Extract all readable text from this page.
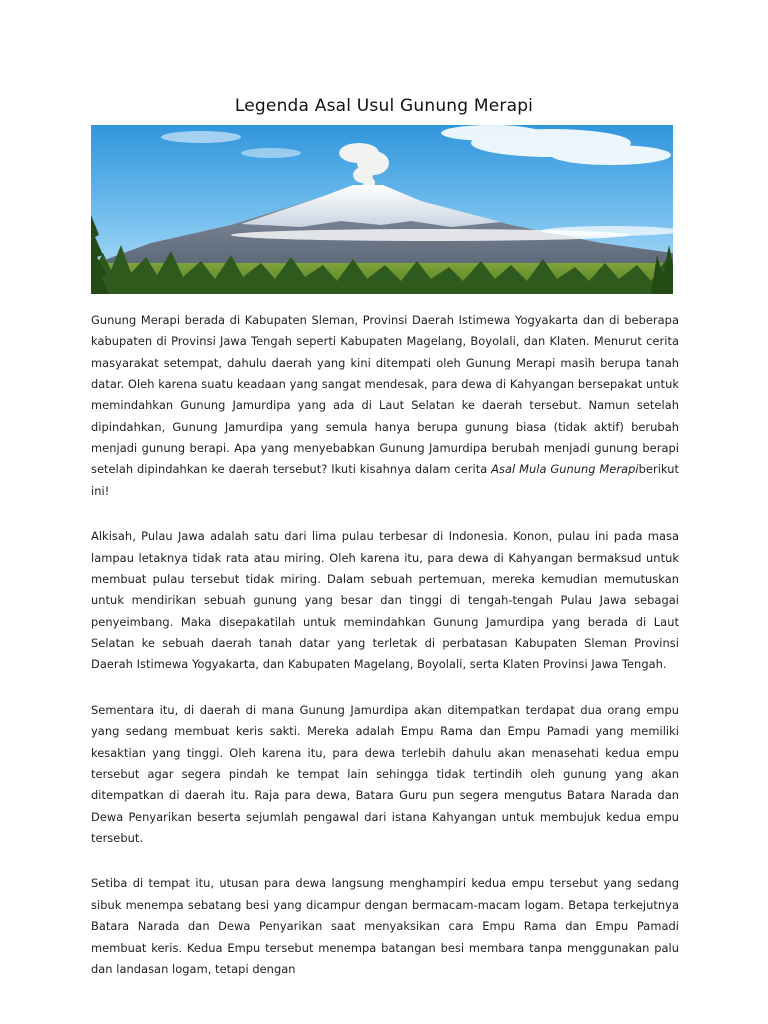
Legenda Asal Usul Gunung Merapi

Gunung Merapi berada di Kabupaten Sleman, Provinsi Daerah Istimewa Yogyakarta dan di beberapa kabupaten di Provinsi Jawa Tengah seperti Kabupaten Magelang, Boyolali, dan Klaten. Menurut cerita masyarakat setempat, dahulu daerah yang kini ditempati oleh Gunung Merapi masih berupa tanah datar. Oleh karena suatu keadaan yang sangat mendesak, para dewa di Kahyangan bersepakat untuk memindahkan Gunung Jamurdipa yang ada di Laut Selatan ke daerah tersebut. Namun setelah dipindahkan, Gunung Jamurdipa yang semula hanya berupa gunung biasa (tidak aktif) berubah menjadi gunung berapi. Apa yang menyebabkan Gunung Jamurdipa berubah menjadi gunung berapi setelah dipindahkan ke daerah tersebut? Ikuti kisahnya dalam cerita Asal Mula Gunung Merapiberikut ini!

Alkisah, Pulau Jawa adalah satu dari lima pulau terbesar di Indonesia. Konon, pulau ini pada masa lampau letaknya tidak rata atau miring. Oleh karena itu, para dewa di Kahyangan bermaksud untuk membuat pulau tersebut tidak miring. Dalam sebuah pertemuan, mereka kemudian memutuskan untuk mendirikan sebuah gunung yang besar dan tinggi di tengah-tengah Pulau Jawa sebagai penyeimbang. Maka disepakatilah untuk memindahkan Gunung Jamurdipa yang berada di Laut Selatan ke sebuah daerah tanah datar yang terletak di perbatasan Kabupaten Sleman Provinsi Daerah Istimewa Yogyakarta, dan Kabupaten Magelang, Boyolali, serta Klaten Provinsi Jawa Tengah.

Sementara itu, di daerah di mana Gunung Jamurdipa akan ditempatkan terdapat dua orang empu yang sedang membuat keris sakti. Mereka adalah Empu Rama dan Empu Pamadi yang memiliki kesaktian yang tinggi. Oleh karena itu, para dewa terlebih dahulu akan menasehati kedua empu tersebut agar segera pindah ke tempat lain sehingga tidak tertindih oleh gunung yang akan ditempatkan di daerah itu. Raja para dewa, Batara Guru pun segera mengutus Batara Narada dan Dewa Penyarikan beserta sejumlah pengawal dari istana Kahyangan untuk membujuk kedua empu tersebut.

Setiba di tempat itu, utusan para dewa langsung menghampiri kedua empu tersebut yang sedang sibuk menempa sebatang besi yang dicampur dengan bermacam-macam logam. Betapa terkejutnya Batara Narada dan Dewa Penyarikan saat menyaksikan cara Empu Rama dan Empu Pamadi membuat keris. Kedua Empu tersebut menempa batangan besi membara tanpa menggunakan palu dan landasan logam, tetapi dengan
